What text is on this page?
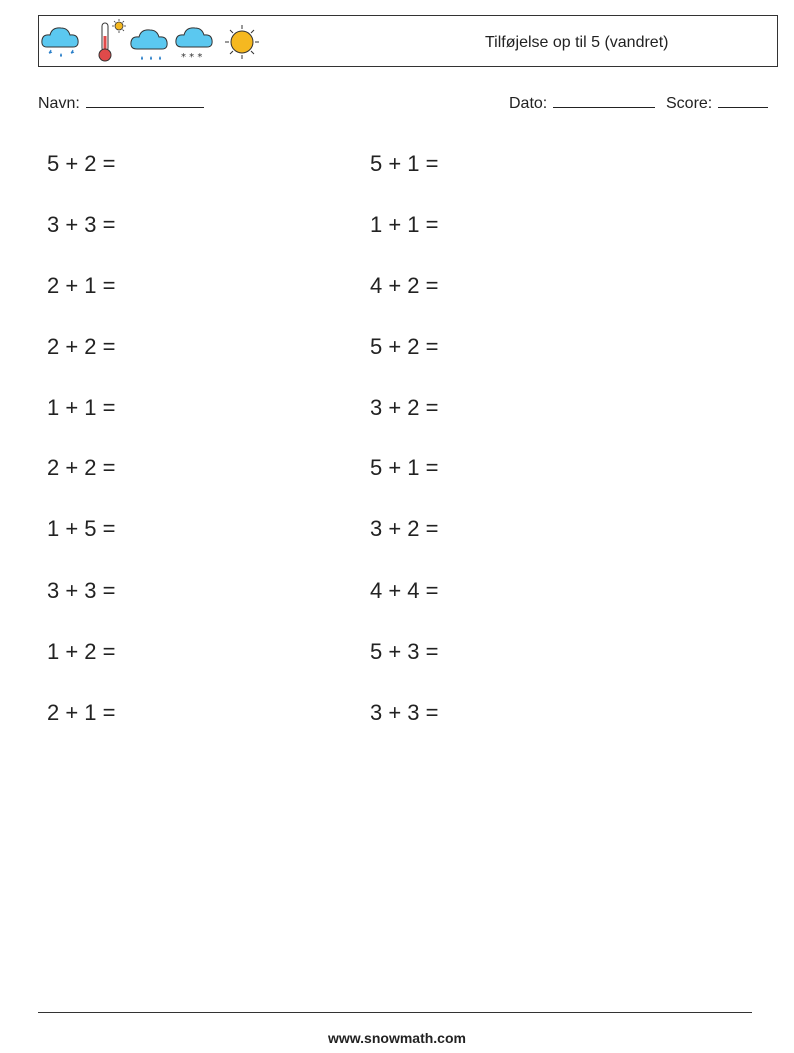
* * *
Tilføjelse op til 5 (vandret)
Navn:	Dato:	Score:
5 + 2 =
3 + 3 =
2 + 1 =
2 + 2 =
1 + 1 =
2 + 2 =
1 + 5 =
3 + 3 =
1 + 2 =
2 + 1 =
5 + 1 =
1 + 1 =
4 + 2 =
5 + 2 =
3 + 2 =
5 + 1 =
3 + 2 =
4 + 4 =
5 + 3 =
3 + 3 =
www.snowmath.com
